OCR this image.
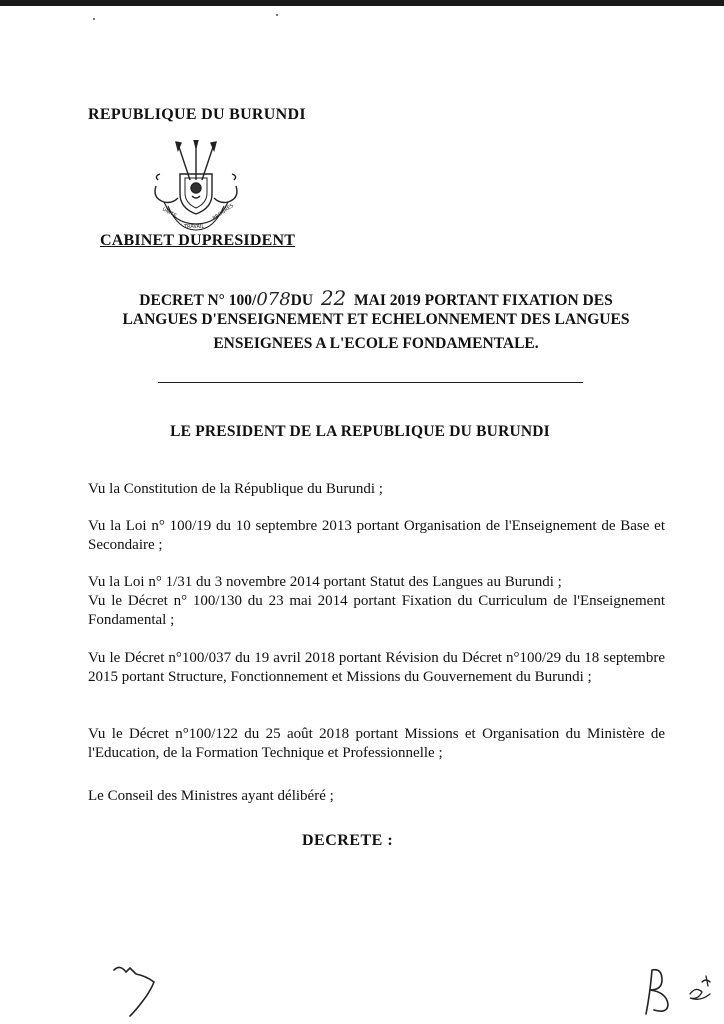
REPUBLIQUE DU BURUNDI
UNITÉ
TRAVAIL
PROGRÈS
CABINET DUPRESIDENT
DECRET N° 100/078DU 22 MAI 2019 PORTANT FIXATION DES
LANGUES D'ENSEIGNEMENT ET ECHELONNEMENT DES LANGUES
ENSEIGNEES A L'ECOLE FONDAMENTALE.
LE PRESIDENT DE LA REPUBLIQUE DU BURUNDI
Vu la Constitution de la République du Burundi ;
Vu la Loi n° 100/19 du 10 septembre 2013 portant Organisation de l'Enseignement de Base et Secondaire ;
Vu la Loi n° 1/31 du 3 novembre 2014 portant Statut des Langues au Burundi ;
Vu le Décret n° 100/130 du 23 mai 2014 portant Fixation du Curriculum de l'Enseignement Fondamental ;
Vu le Décret n°100/037 du 19 avril 2018 portant Révision du Décret n°100/29 du 18 septembre 2015 portant Structure, Fonctionnement et Missions du Gouvernement du Burundi ;
Vu le Décret n°100/122 du 25 août 2018 portant Missions et Organisation du Ministère de l'Education, de la Formation Technique et Professionnelle ;
Le Conseil des Ministres ayant délibéré ;
DECRETE :
